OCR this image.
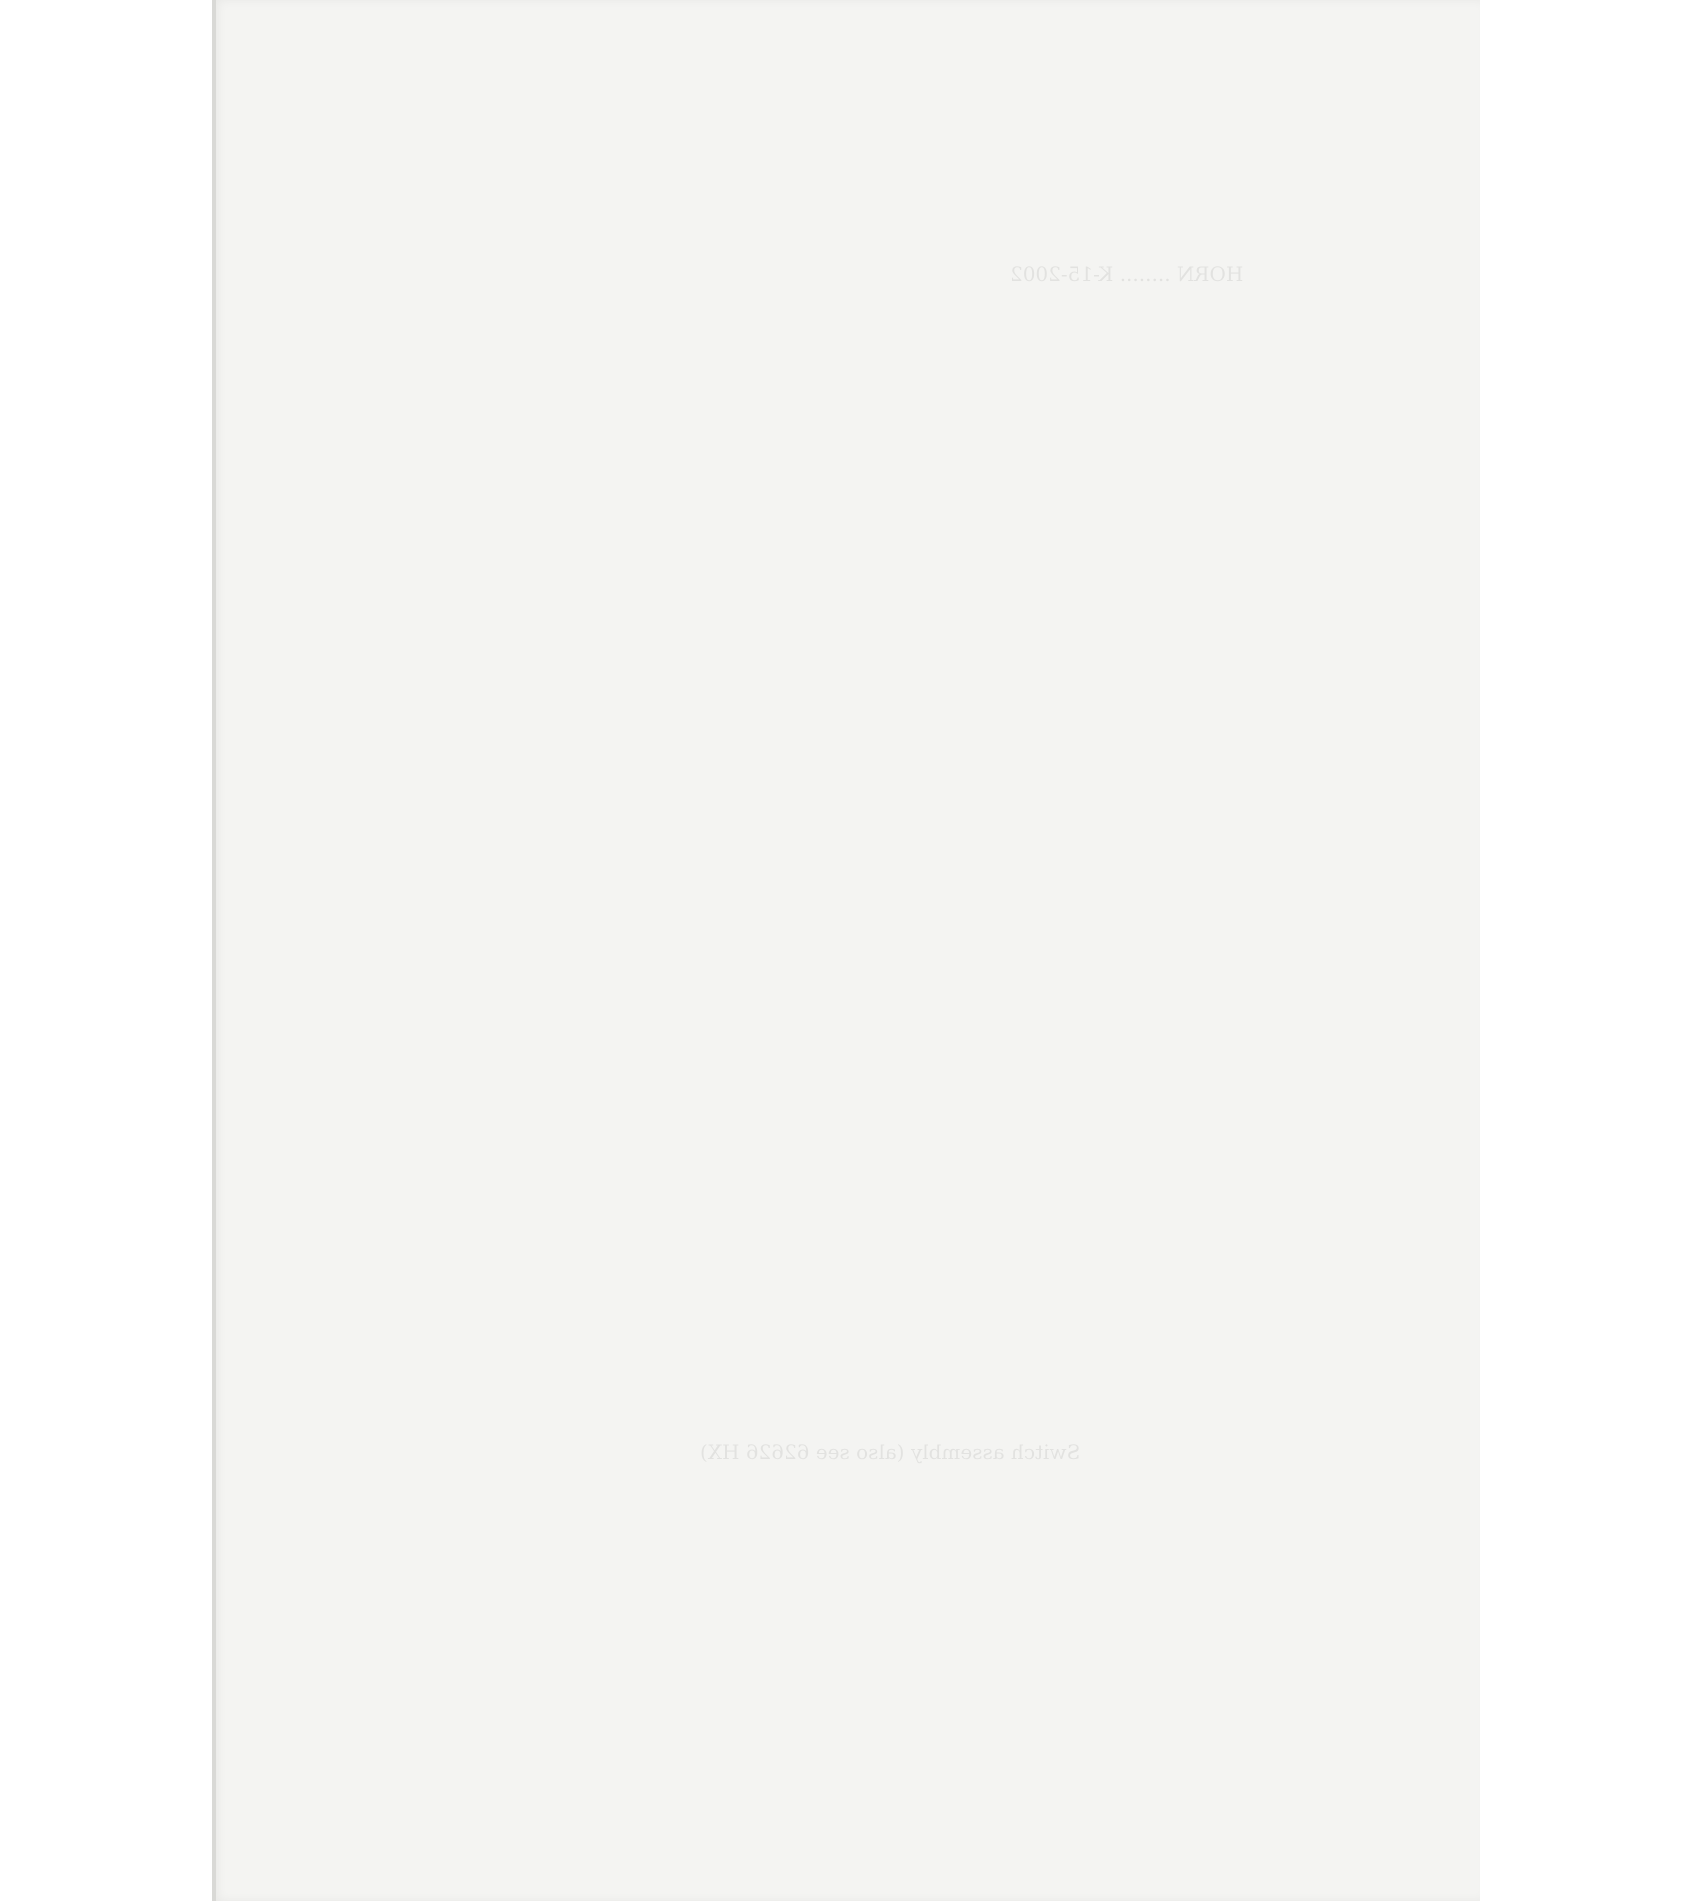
HORN ........ K-15-2002
Switch assembly (also see 62626 HX)
